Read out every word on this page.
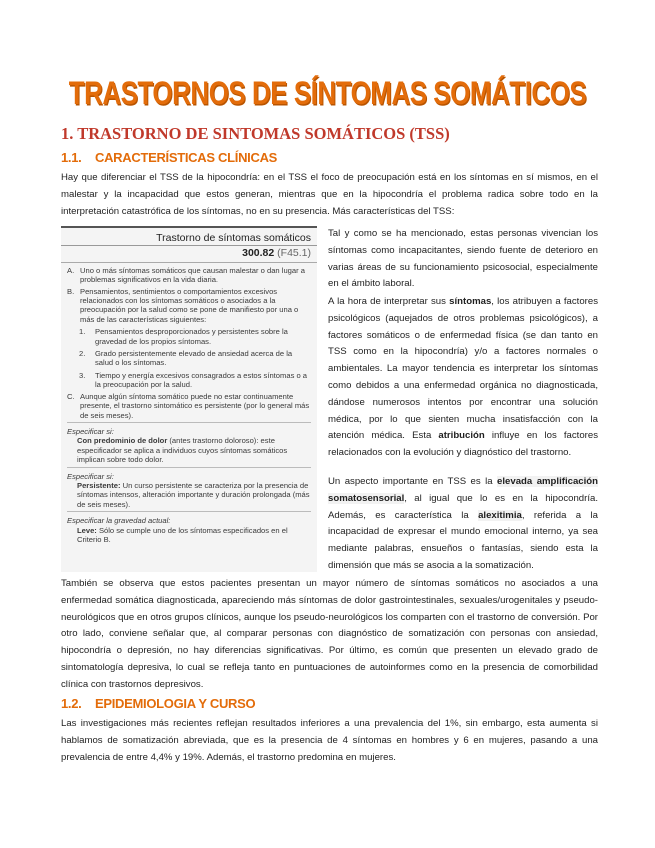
TRASTORNOS DE SÍNTOMAS SOMÁTICOS
1. TRASTORNO DE SINTOMAS SOMÁTICOS (TSS)
1.1. CARACTERÍSTICAS CLÍNICAS
Hay que diferenciar el TSS de la hipocondría: en el TSS el foco de preocupación está en los síntomas en sí mismos, en el malestar y la incapacidad que estos generan, mientras que en la hipocondría el problema radica sobre todo en la interpretación catastrófica de los síntomas, no en su presencia. Más características del TSS:
Trastorno de síntomas somáticos
300.82 (F45.1)
A. Uno o más síntomas somáticos que causan malestar o dan lugar a problemas significativos en la vida diaria.
B. Pensamientos, sentimientos o comportamientos excesivos relacionados con los síntomas somáticos o asociados a la preocupación por la salud como se pone de manifiesto por una o más de las características siguientes:
1.	Pensamientos desproporcionados y persistentes sobre la gravedad de los propios síntomas.
2.	Grado persistentemente elevado de ansiedad acerca de la salud o los síntomas.
3.	Tiempo y energía excesivos consagrados a estos síntomas o a la preocupación por la salud.
C. Aunque algún síntoma somático puede no estar continuamente presente, el trastorno sintomático es persistente (por lo general más de seis meses).
Especificar si:
Con predominio de dolor (antes trastorno doloroso): este especificador se aplica a individuos cuyos síntomas somáticos implican sobre todo dolor.
Especificar si:
Persistente: Un curso persistente se caracteriza por la presencia de síntomas intensos, alteración importante y duración prolongada (más de seis meses).
Especificar la gravedad actual:
Leve: Sólo se cumple uno de los síntomas especificados en el Criterio B.
Tal y como se ha mencionado, estas personas vivencian los síntomas como incapacitantes, siendo fuente de deterioro en varias áreas de su funcionamiento psicosocial, especialmente en el ámbito laboral.
A la hora de interpretar sus síntomas, los atribuyen a factores psicológicos (aquejados de otros problemas psicológicos), a factores somáticos o de enfermedad física (se dan tanto en TSS como en la hipocondría) y/o a factores normales o ambientales. La mayor tendencia es interpretar los síntomas como debidos a una enfermedad orgánica no diagnosticada, dándose numerosos intentos por encontrar una solución médica, por lo que sienten mucha insatisfacción con la atención médica. Esta atribución influye en los factores relacionados con la evolución y diagnóstico del trastorno.
Un aspecto importante en TSS es la elevada amplificación somatosensorial, al igual que lo es en la hipocondría. Además, es característica la alexitimia, referida a la incapacidad de expresar el mundo emocional interno, ya sea mediante palabras, ensueños o fantasías, siendo esta la dimensión que más se asocia a la somatización.
También se observa que estos pacientes presentan un mayor número de síntomas somáticos no asociados a una enfermedad somática diagnosticada, apareciendo más síntomas de dolor gastrointestinales, sexuales/urogenitales y pseudo-neurológicos que en otros grupos clínicos, aunque los pseudo-neurológicos los comparten con el trastorno de conversión. Por otro lado, conviene señalar que, al comparar personas con diagnóstico de somatización con personas con ansiedad, hipocondría o depresión, no hay diferencias significativas. Por último, es común que presenten un elevado grado de sintomatología depresiva, lo cual se refleja tanto en puntuaciones de autoinformes como en la presencia de comorbilidad clínica con trastornos depresivos.
1.2. EPIDEMIOLOGIA Y CURSO
Las investigaciones más recientes reflejan resultados inferiores a una prevalencia del 1%, sin embargo, esta aumenta si hablamos de somatización abreviada, que es la presencia de 4 síntomas en hombres y 6 en mujeres, pasando a una prevalencia de entre 4,4% y 19%. Además, el trastorno predomina en mujeres.
